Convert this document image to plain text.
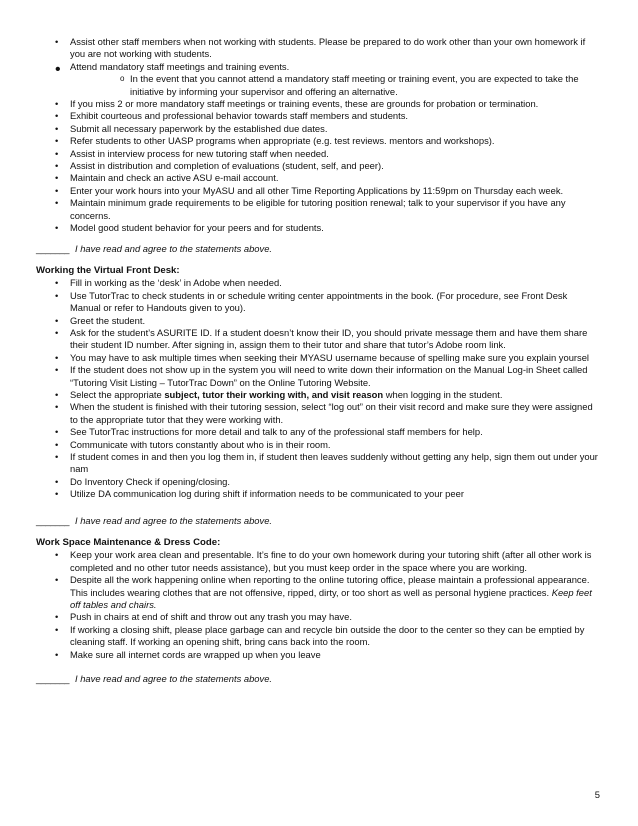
• Assist other staff members when not working with students. Please be prepared to do work other than your own homework if you are not working with students.
• Attend mandatory staff meetings and training events.
o In the event that you cannot attend a mandatory staff meeting or training event, you are expected to take the initiative by informing your supervisor and offering an alternative.
• If you miss 2 or more mandatory staff meetings or training events, these are grounds for probation or termination.
• Exhibit courteous and professional behavior towards staff members and students.
• Submit all necessary paperwork by the established due dates.
• Refer students to other UASP programs when appropriate (e.g. test reviews. mentors and workshops).
• Assist in interview process for new tutoring staff when needed.
• Assist in distribution and completion of evaluations (student, self, and peer).
• Maintain and check an active ASU e-mail account.
• Enter your work hours into your MyASU and all other Time Reporting Applications by 11:59pm on Thursday each week.
• Maintain minimum grade requirements to be eligible for tutoring position renewal; talk to your supervisor if you have any concerns.
• Model good student behavior for your peers and for students.
_______ I have read and agree to the statements above.
Working the Virtual Front Desk:
• Fill in working as the ‘desk’ in Adobe when needed.
• Use TutorTrac to check students in or schedule writing center appointments in the book. (For procedure, see Front Desk Manual or refer to Handouts given to you).
• Greet the student.
• Ask for the student’s ASURITE ID. If a student doesn’t know their ID, you should private message them and have them share their student ID number. After signing in, assign them to their tutor and share that tutor’s Adobe room link.
• You may have to ask multiple times when seeking their MYASU username because of spelling make sure you explain yoursel
• If the student does not show up in the system you will need to write down their information on the Manual Log-in Sheet called “Tutoring Visit Listing – TutorTrac Down” on the Online Tutoring Website.
• Select the appropriate subject, tutor their working with, and visit reason when logging in the student.
• When the student is finished with their tutoring session, select “log out” on their visit record and make sure they were assigned to the appropriate tutor that they were working with.
• See TutorTrac instructions for more detail and talk to any of the professional staff members for help.
• Communicate with tutors constantly about who is in their room.
• If student comes in and then you log them in, if student then leaves suddenly without getting any help, sign them out under your nam
• Do Inventory Check if opening/closing.
• Utilize DA communication log during shift if information needs to be communicated to your peer
_______ I have read and agree to the statements above.
Work Space Maintenance & Dress Code:
• Keep your work area clean and presentable. It’s fine to do your own homework during your tutoring shift (after all other work is completed and no other tutor needs assistance), but you must keep order in the space where you are working.
• Despite all the work happening online when reporting to the online tutoring office, please maintain a professional appearance. This includes wearing clothes that are not offensive, ripped, dirty, or too short as well as personal hygiene practices. Keep feet off tables and chairs.
• Push in chairs at end of shift and throw out any trash you may have.
• If working a closing shift, please place garbage can and recycle bin outside the door to the center so they can be emptied by cleaning staff. If working an opening shift, bring cans back into the room.
• Make sure all internet cords are wrapped up when you leave
_______ I have read and agree to the statements above.
5
